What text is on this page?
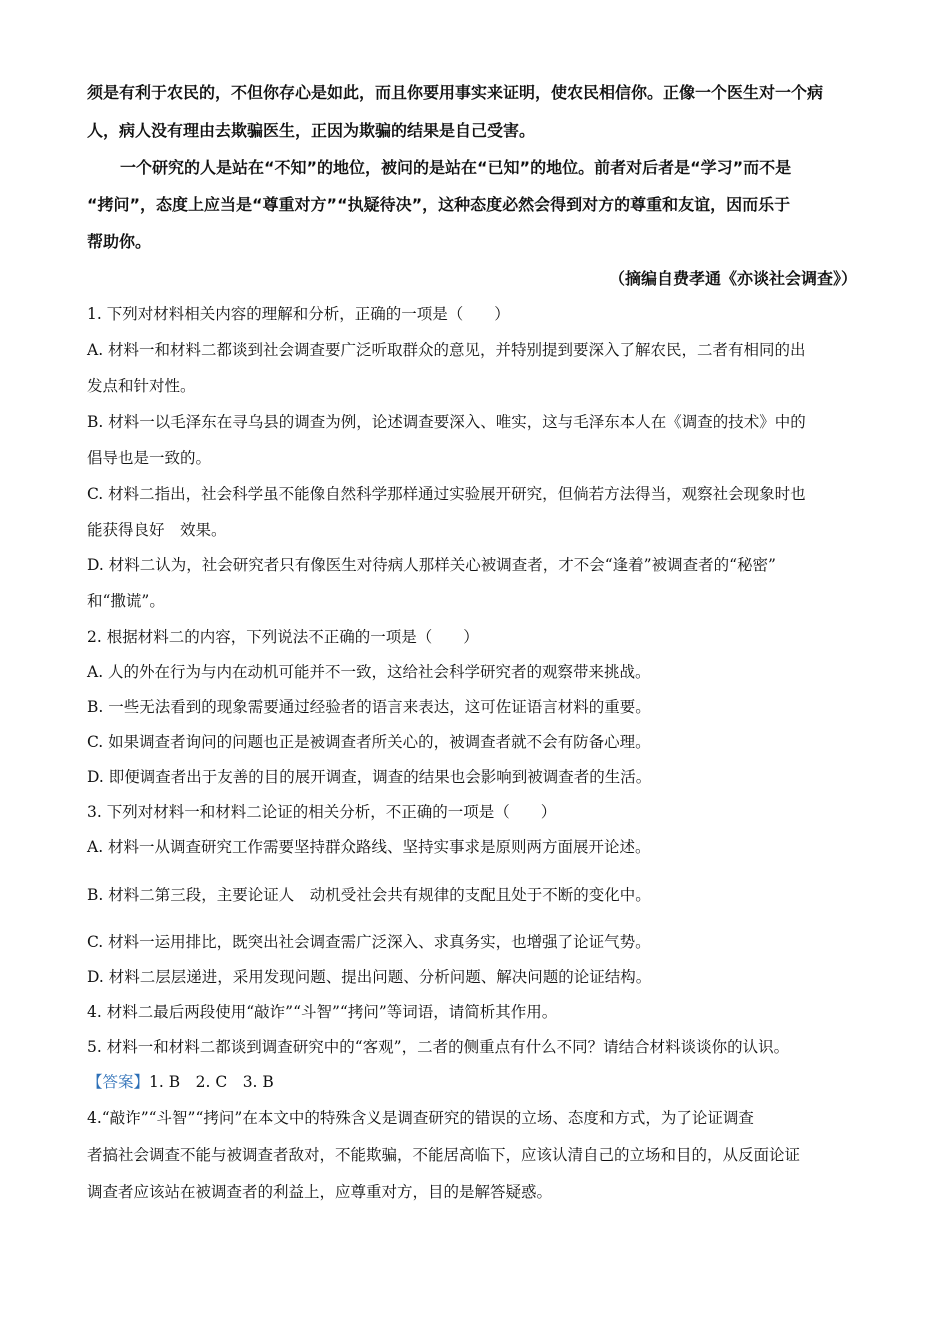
须是有利于农民的，不但你存心是如此，而且你要用事实来证明，使农民相信你。正像一个医生对一个病
人，病人没有理由去欺骗医生，正因为欺骗的结果是自己受害。
一个研究的人是站在“不知”的地位，被问的是站在“已知”的地位。前者对后者是“学习”而不是
“拷问”，态度上应当是“尊重对方”“执疑待决”，这种态度必然会得到对方的尊重和友谊，因而乐于
帮助你。
（摘编自费孝通《亦谈社会调查》）
1. 下列对材料相关内容的理解和分析，正确的一项是（　　）
A. 材料一和材料二都谈到社会调查要广泛听取群众的意见，并特别提到要深入了解农民，二者有相同的出
发点和针对性。
B. 材料一以毛泽东在寻乌县的调查为例，论述调查要深入、唯实，这与毛泽东本人在《调查的技术》中的
倡导也是一致的。
C. 材料二指出，社会科学虽不能像自然科学那样通过实验展开研究，但倘若方法得当，观察社会现象时也
能获得良好　效果。
D. 材料二认为，社会研究者只有像医生对待病人那样关心被调查者，才不会“逢着”被调查者的“秘密”
和“撒谎”。
2. 根据材料二的内容，下列说法不正确的一项是（　　）
A. 人的外在行为与内在动机可能并不一致，这给社会科学研究者的观察带来挑战。
B. 一些无法看到的现象需要通过经验者的语言来表达，这可佐证语言材料的重要。
C. 如果调查者询问的问题也正是被调查者所关心的，被调查者就不会有防备心理。
D. 即便调查者出于友善的目的展开调查，调查的结果也会影响到被调查者的生活。
3. 下列对材料一和材料二论证的相关分析，不正确的一项是（　　）
A. 材料一从调查研究工作需要坚持群众路线、坚持实事求是原则两方面展开论述。
B. 材料二第三段，主要论证人　动机受社会共有规律的支配且处于不断的变化中。
C. 材料一运用排比，既突出社会调查需广泛深入、求真务实，也增强了论证气势。
D. 材料二层层递进，采用发现问题、提出问题、分析问题、解决问题的论证结构。
4. 材料二最后两段使用“敲诈”“斗智”“拷问”等词语，请简析其作用。
5. 材料一和材料二都谈到调查研究中的“客观”，二者的侧重点有什么不同？请结合材料谈谈你的认识。
【答案】1. B　2. C　3. B
4.“敲诈”“斗智”“拷问”在本文中的特殊含义是调查研究的错误的立场、态度和方式，为了论证调查
者搞社会调查不能与被调查者敌对，不能欺骗，不能居高临下，应该认清自己的立场和目的，从反面论证
调查者应该站在被调查者的利益上，应尊重对方，目的是解答疑惑。
